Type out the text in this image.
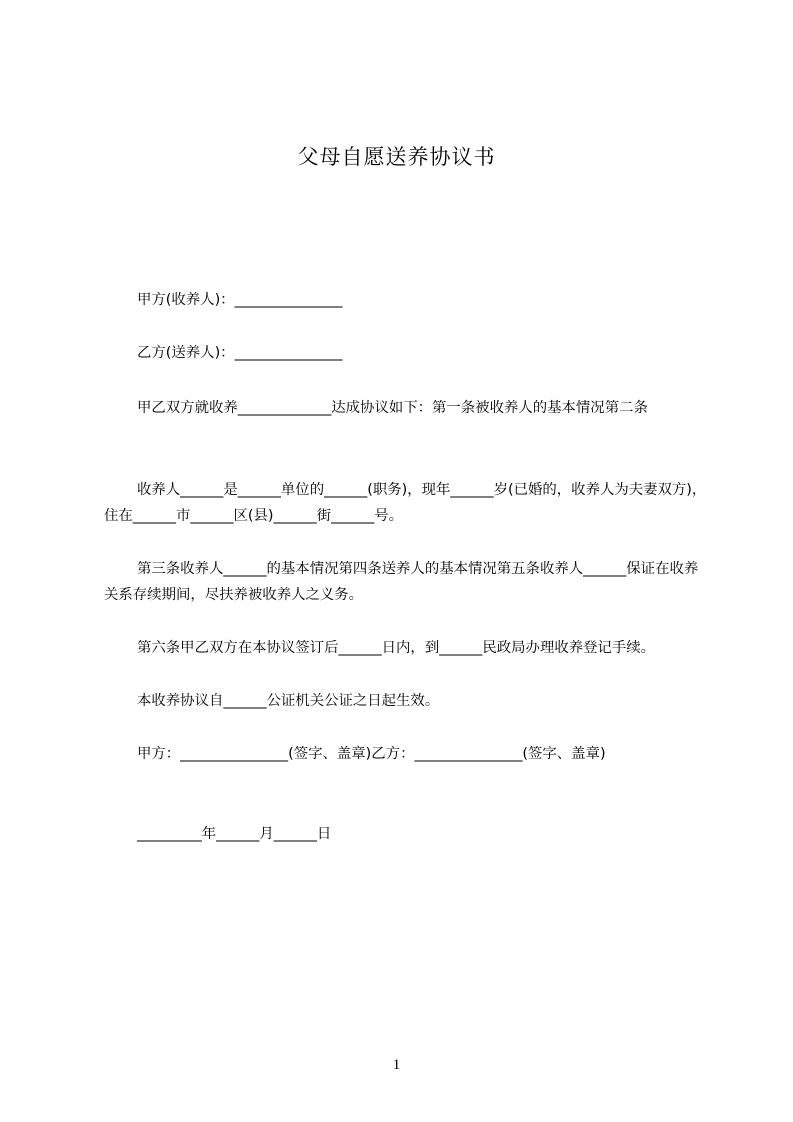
父母自愿送养协议书

甲方(收养人)：_______________

乙方(送养人)：_______________

甲乙双方就收养_____________达成协议如下：第一条被收养人的基本情况第二条

收养人______是______单位的______(职务)，现年______岁(已婚的，收养人为夫妻双方)，住在______市______区(县)______街______号。

第三条收养人______的基本情况第四条送养人的基本情况第五条收养人______保证在收养关系存续期间，尽扶养被收养人之义务。

第六条甲乙双方在本协议签订后______日内，到______民政局办理收养登记手续。

本收养协议自______公证机关公证之日起生效。

甲方：_______________(签字、盖章)乙方：_______________(签字、盖章)

_________年______月______日

1
